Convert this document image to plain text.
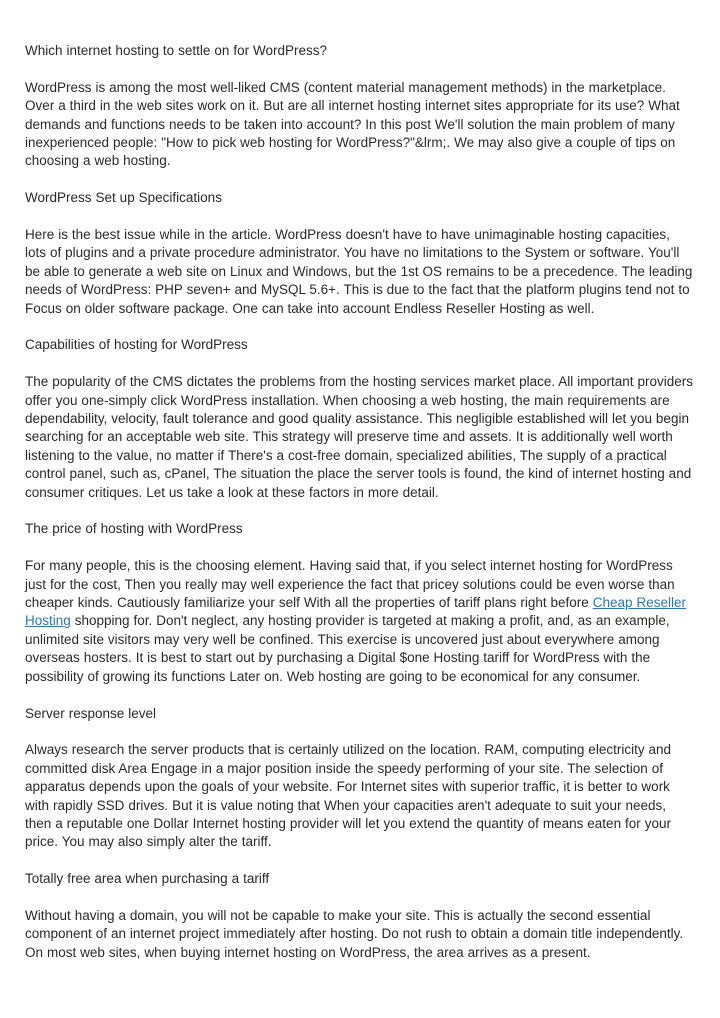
Which internet hosting to settle on for WordPress?
WordPress is among the most well-liked CMS (content material management methods) in the marketplace. Over a third in the web sites work on it. But are all internet hosting internet sites appropriate for its use? What demands and functions needs to be taken into account? In this post We'll solution the main problem of many inexperienced people: "How to pick web hosting for WordPress?"&lrm;. We may also give a couple of tips on choosing a web hosting.
WordPress Set up Specifications
Here is the best issue while in the article. WordPress doesn't have to have unimaginable hosting capacities, lots of plugins and a private procedure administrator. You have no limitations to the System or software. You'll be able to generate a web site on Linux and Windows, but the 1st OS remains to be a precedence. The leading needs of WordPress: PHP seven+ and MySQL 5.6+. This is due to the fact that the platform plugins tend not to Focus on older software package. One can take into account Endless Reseller Hosting as well.
Capabilities of hosting for WordPress
The popularity of the CMS dictates the problems from the hosting services market place. All important providers offer you one-simply click WordPress installation. When choosing a web hosting, the main requirements are dependability, velocity, fault tolerance and good quality assistance. This negligible established will let you begin searching for an acceptable web site. This strategy will preserve time and assets. It is additionally well worth listening to the value, no matter if There's a cost-free domain, specialized abilities, The supply of a practical control panel, such as, cPanel, The situation the place the server tools is found, the kind of internet hosting and consumer critiques. Let us take a look at these factors in more detail.
The price of hosting with WordPress
For many people, this is the choosing element. Having said that, if you select internet hosting for WordPress just for the cost, Then you really may well experience the fact that pricey solutions could be even worse than cheaper kinds. Cautiously familiarize your self With all the properties of tariff plans right before Cheap Reseller Hosting shopping for. Don't neglect, any hosting provider is targeted at making a profit, and, as an example, unlimited site visitors may very well be confined. This exercise is uncovered just about everywhere among overseas hosters. It is best to start out by purchasing a Digital $one Hosting tariff for WordPress with the possibility of growing its functions Later on. Web hosting are going to be economical for any consumer.
Server response level
Always research the server products that is certainly utilized on the location. RAM, computing electricity and committed disk Area Engage in a major position inside the speedy performing of your site. The selection of apparatus depends upon the goals of your website. For Internet sites with superior traffic, it is better to work with rapidly SSD drives. But it is value noting that When your capacities aren't adequate to suit your needs, then a reputable one Dollar Internet hosting provider will let you extend the quantity of means eaten for your price. You may also simply alter the tariff.
Totally free area when purchasing a tariff
Without having a domain, you will not be capable to make your site. This is actually the second essential component of an internet project immediately after hosting. Do not rush to obtain a domain title independently. On most web sites, when buying internet hosting on WordPress, the area arrives as a present.
